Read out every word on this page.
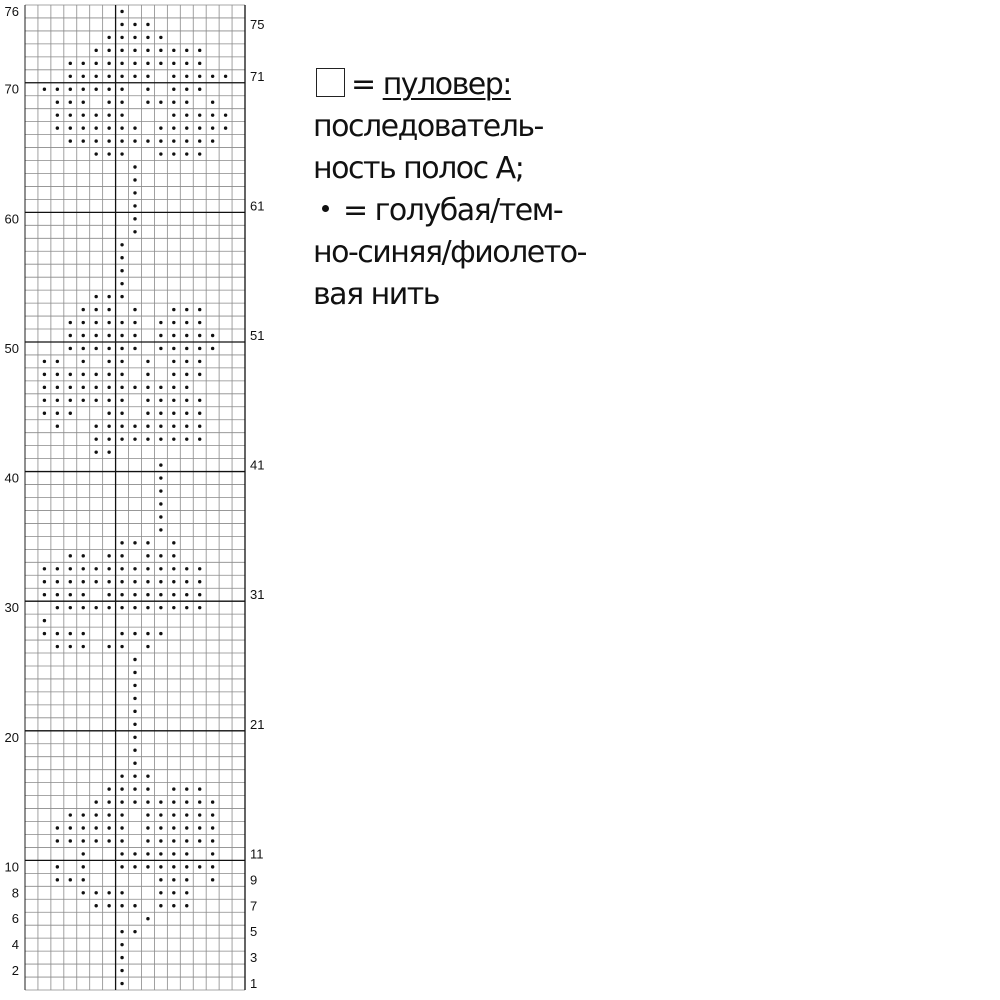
2
4
6
8
10
20
30
40
50
60
70
76
1
3
5
7
9
11
21
31
41
51
61
71
75
= пуловер:
последователь-
ность полос А;
= голубая/тем-
но-синяя/фиолето-
вая нить
